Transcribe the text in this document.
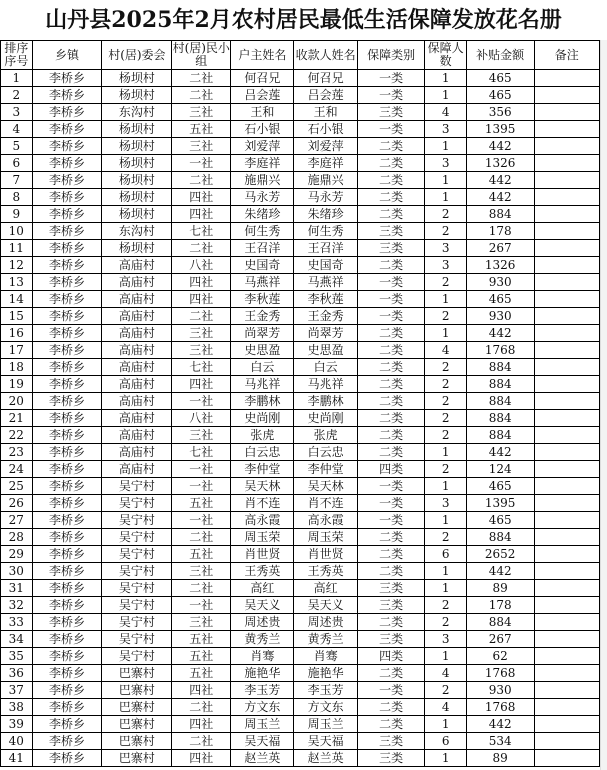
山丹县2025年2月农村居民最低生活保障发放花名册
排序序号	乡镇	村(居)委会	村(居)民小组	户主姓名	收款人姓名	保障类别	保障人数	补贴金额	备注
1	李桥乡	杨坝村	二社	何召兄	何召兄	一类	1	465	
2	李桥乡	杨坝村	二社	吕会莲	吕会莲	一类	1	465	
3	李桥乡	东沟村	三社	王和	王和	三类	4	356	
4	李桥乡	杨坝村	五社	石小银	石小银	一类	3	1395	
5	李桥乡	杨坝村	三社	刘爱萍	刘爱萍	二类	1	442	
6	李桥乡	杨坝村	一社	李庭祥	李庭祥	二类	3	1326	
7	李桥乡	杨坝村	二社	施鼎兴	施鼎兴	二类	1	442	
8	李桥乡	杨坝村	四社	马永芳	马永芳	二类	1	442	
9	李桥乡	杨坝村	四社	朱绪珍	朱绪珍	二类	2	884	
10	李桥乡	东沟村	七社	何生秀	何生秀	三类	2	178	
11	李桥乡	杨坝村	二社	王召洋	王召洋	三类	3	267	
12	李桥乡	高庙村	八社	史国奇	史国奇	二类	3	1326	
13	李桥乡	高庙村	四社	马燕祥	马燕祥	一类	2	930	
14	李桥乡	高庙村	四社	李秋莲	李秋莲	一类	1	465	
15	李桥乡	高庙村	二社	王金秀	王金秀	一类	2	930	
16	李桥乡	高庙村	三社	尚翠芳	尚翠芳	二类	1	442	
17	李桥乡	高庙村	三社	史思盈	史思盈	二类	4	1768	
18	李桥乡	高庙村	七社	白云	白云	二类	2	884	
19	李桥乡	高庙村	四社	马兆祥	马兆祥	二类	2	884	
20	李桥乡	高庙村	一社	李鹏林	李鹏林	二类	2	884	
21	李桥乡	高庙村	八社	史尚刚	史尚刚	二类	2	884	
22	李桥乡	高庙村	三社	张虎	张虎	二类	2	884	
23	李桥乡	高庙村	七社	白云忠	白云忠	二类	1	442	
24	李桥乡	高庙村	一社	李仲堂	李仲堂	四类	2	124	
25	李桥乡	吴宁村	一社	吴天林	吴天林	一类	1	465	
26	李桥乡	吴宁村	五社	肖不连	肖不连	一类	3	1395	
27	李桥乡	吴宁村	一社	高永霞	高永霞	一类	1	465	
28	李桥乡	吴宁村	二社	周玉荣	周玉荣	二类	2	884	
29	李桥乡	吴宁村	五社	肖世贤	肖世贤	二类	6	2652	
30	李桥乡	吴宁村	三社	王秀英	王秀英	二类	1	442	
31	李桥乡	吴宁村	二社	高红	高红	三类	1	89	
32	李桥乡	吴宁村	一社	吴天义	吴天义	三类	2	178	
33	李桥乡	吴宁村	三社	周述贵	周述贵	二类	2	884	
34	李桥乡	吴宁村	五社	黄秀兰	黄秀兰	三类	3	267	
35	李桥乡	吴宁村	五社	肖骞	肖骞	四类	1	62	
36	李桥乡	巴寨村	五社	施艳华	施艳华	二类	4	1768	
37	李桥乡	巴寨村	四社	李玉芳	李玉芳	一类	2	930	
38	李桥乡	巴寨村	二社	方文东	方文东	二类	4	1768	
39	李桥乡	巴寨村	四社	周玉兰	周玉兰	二类	1	442	
40	李桥乡	巴寨村	二社	吴天福	吴天福	三类	6	534	
41	李桥乡	巴寨村	四社	赵兰英	赵兰英	三类	1	89	
